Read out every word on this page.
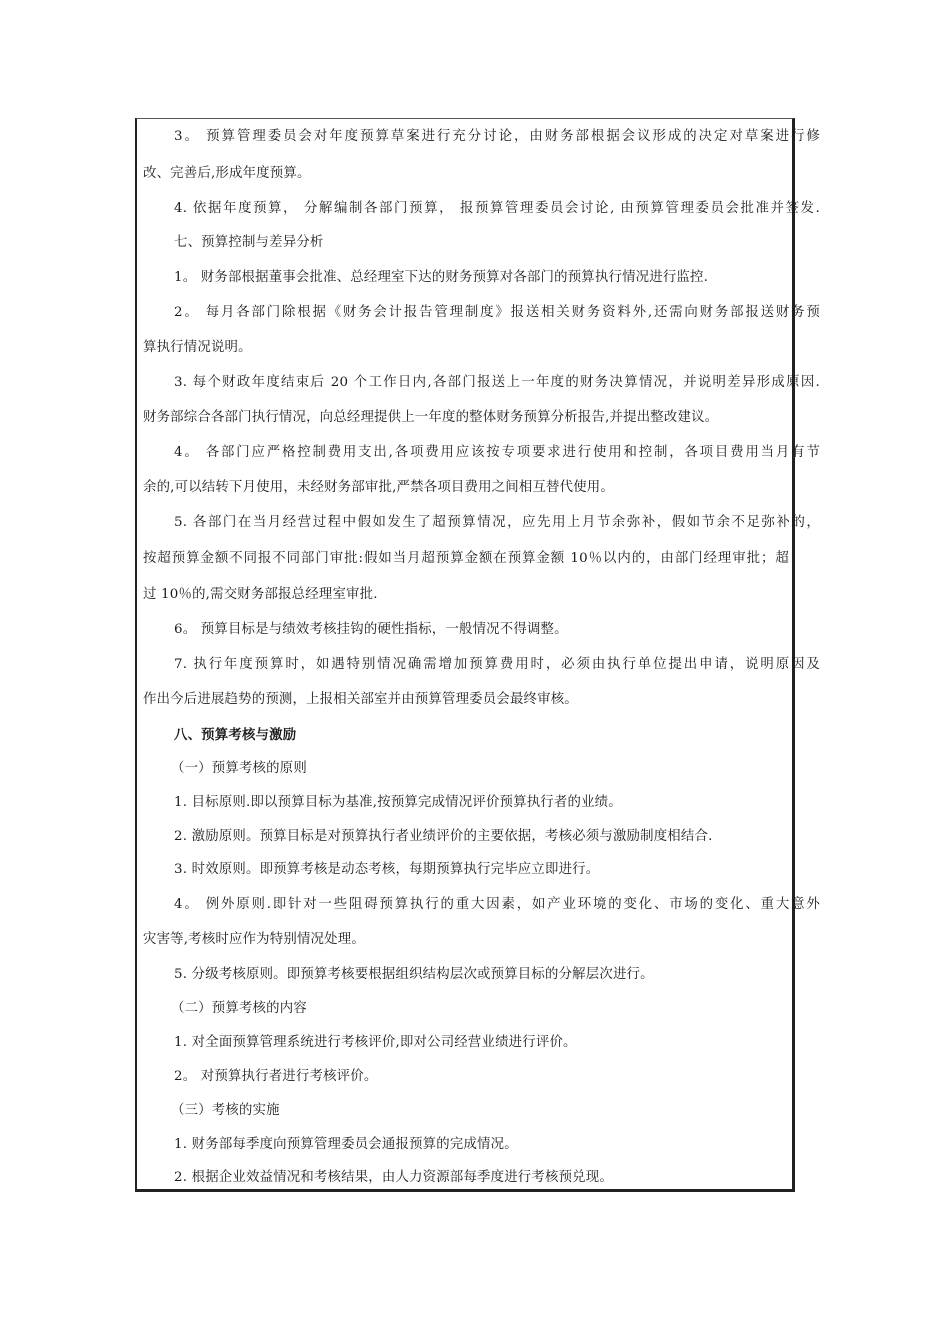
3。 预算管理委员会对年度预算草案进行充分讨论，由财务部根据会议形成的决定对草案进行修
改、完善后,形成年度预算。
4. 依据年度预算， 分解编制各部门预算， 报预算管理委员会讨论, 由预算管理委员会批准并签发.
七、预算控制与差异分析
1。 财务部根据董事会批准、总经理室下达的财务预算对各部门的预算执行情况进行监控.
2。 每月各部门除根据《财务会计报告管理制度》报送相关财务资料外,还需向财务部报送财务预
算执行情况说明。
3. 每个财政年度结束后 20 个工作日内,各部门报送上一年度的财务决算情况，并说明差异形成原因.
财务部综合各部门执行情况，向总经理提供上一年度的整体财务预算分析报告,并提出整改建议。
4。 各部门应严格控制费用支出,各项费用应该按专项要求进行使用和控制，各项目费用当月有节
余的,可以结转下月使用，未经财务部审批,严禁各项目费用之间相互替代使用。
5. 各部门在当月经营过程中假如发生了超预算情况，应先用上月节余弥补，假如节余不足弥补的，
按超预算金额不同报不同部门审批:假如当月超预算金额在预算金额 10％以内的，由部门经理审批；超
过 10％的,需交财务部报总经理室审批.
6。 预算目标是与绩效考核挂钩的硬性指标，一般情况不得调整。
7. 执行年度预算时，如遇特别情况确需增加预算费用时，必须由执行单位提出申请，说明原因及
作出今后进展趋势的预测，上报相关部室并由预算管理委员会最终审核。
八、预算考核与激励
（一）预算考核的原则
1. 目标原则.即以预算目标为基准,按预算完成情况评价预算执行者的业绩。
2. 激励原则。预算目标是对预算执行者业绩评价的主要依据，考核必须与激励制度相结合.
3. 时效原则。即预算考核是动态考核，每期预算执行完毕应立即进行。
4。 例外原则.即针对一些阻碍预算执行的重大因素，如产业环境的变化、市场的变化、重大意外
灾害等,考核时应作为特别情况处理。
5. 分级考核原则。即预算考核要根据组织结构层次或预算目标的分解层次进行。
（二）预算考核的内容
1. 对全面预算管理系统进行考核评价,即对公司经营业绩进行评价。
2。 对预算执行者进行考核评价。
（三）考核的实施
1. 财务部每季度向预算管理委员会通报预算的完成情况。
2. 根据企业效益情况和考核结果，由人力资源部每季度进行考核预兑现。
